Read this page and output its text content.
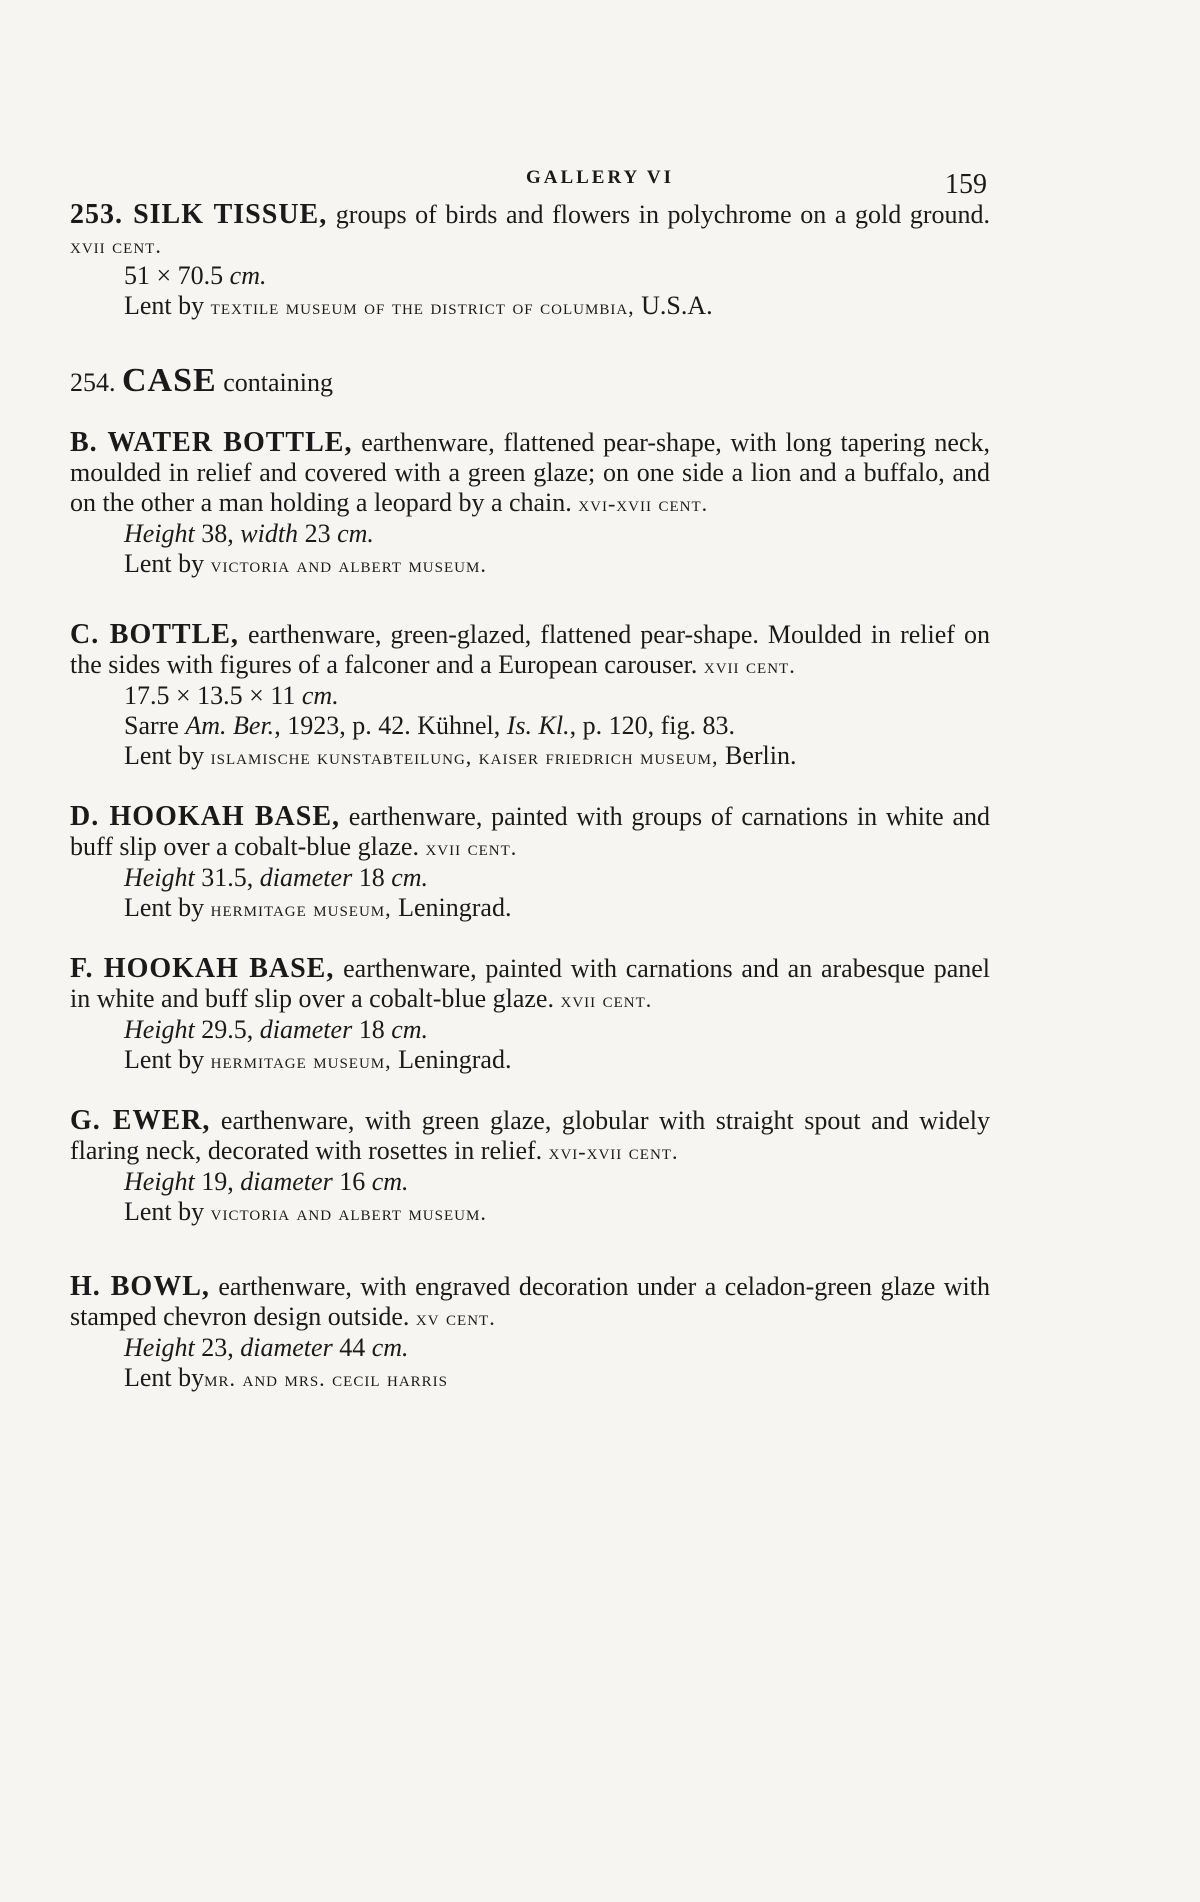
GALLERY VI	159

253. SILK TISSUE, groups of birds and flowers in polychrome on a gold ground. xvii cent.

51 × 70.5 cm.

Lent by textile museum of the district of columbia, U.S.A.

254. CASE containing

B. WATER BOTTLE, earthenware, flattened pear-shape, with long tapering neck, moulded in relief and covered with a green glaze; on one side a lion and a buffalo, and on the other a man holding a leopard by a chain. xvi-xvii cent.

Height 38, width 23 cm.

Lent by victoria and albert museum.

C. BOTTLE, earthenware, green-glazed, flattened pear-shape. Moulded in relief on the sides with figures of a falconer and a European carouser. xvii cent.

17.5 × 13.5 × 11 cm.

Sarre Am. Ber., 1923, p. 42. Kühnel, Is. Kl., p. 120, fig. 83.

Lent by islamische kunstabteilung, kaiser friedrich museum, Berlin.

D. HOOKAH BASE, earthenware, painted with groups of carnations in white and buff slip over a cobalt-blue glaze. xvii cent.

Height 31.5, diameter 18 cm.

Lent by hermitage museum, Leningrad.

F. HOOKAH BASE, earthenware, painted with carnations and an arabesque panel in white and buff slip over a cobalt-blue glaze. xvii cent.

Height 29.5, diameter 18 cm.

Lent by hermitage museum, Leningrad.

G. EWER, earthenware, with green glaze, globular with straight spout and widely flaring neck, decorated with rosettes in relief. xvi-xvii cent.

Height 19, diameter 16 cm.

Lent by victoria and albert museum.

H. BOWL, earthenware, with engraved decoration under a celadon-green glaze with stamped chevron design outside. xv cent.

Height 23, diameter 44 cm.

Lent bymr. and mrs. cecil harris
